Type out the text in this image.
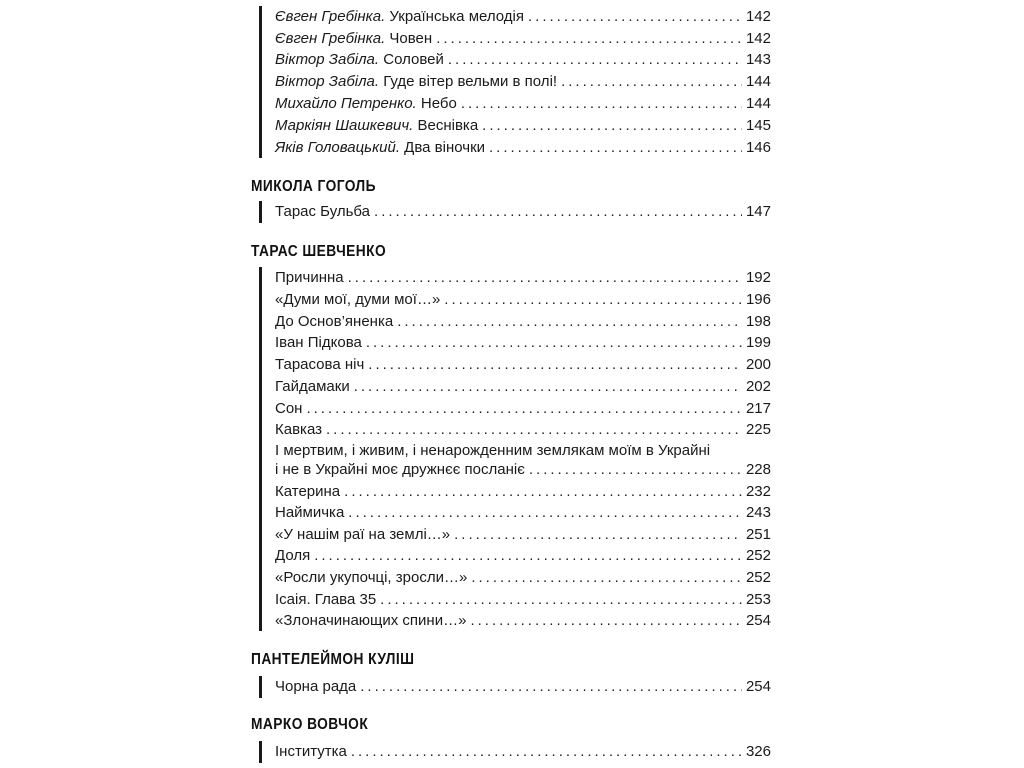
Євген Гребінка. Українська мелодія .....	142
Євген Гребінка. Човен .....	142
Віктор Забіла. Соловей .....	143
Віктор Забіла. Гуде вітер вельми в полі! .....	144
Михайло Петренко. Небо .....	144
Маркіян Шашкевич. Веснівка .....	145
Яків Головацький. Два віночки .....	146
МИКОЛА ГОГОЛЬ
Тарас Бульба .....	147
ТАРАС ШЕВЧЕНКО
Причинна .....	192
«Думи мої, думи мої…» .....	196
До Основ’яненка .....	198
Іван Підкова .....	199
Тарасова ніч .....	200
Гайдамаки .....	202
Сон .....	217
Кавказ .....	225
І мертвим, і живим, і ненарожденним землякам моїм в Украйні
і не в Украйні моє дружнєє посланіє .....	228
Катерина .....	232
Наймичка .....	243
«У нашім раї на землі…» .....	251
Доля .....	252
«Росли укупочці, зросли…» .....	252
Ісаія. Глава 35 .....	253
«Злоначинающих спини…» .....	254
ПАНТЕЛЕЙМОН КУЛІШ
Чорна рада .....	254
МАРКО ВОВЧОК
Інститутка .....	326
